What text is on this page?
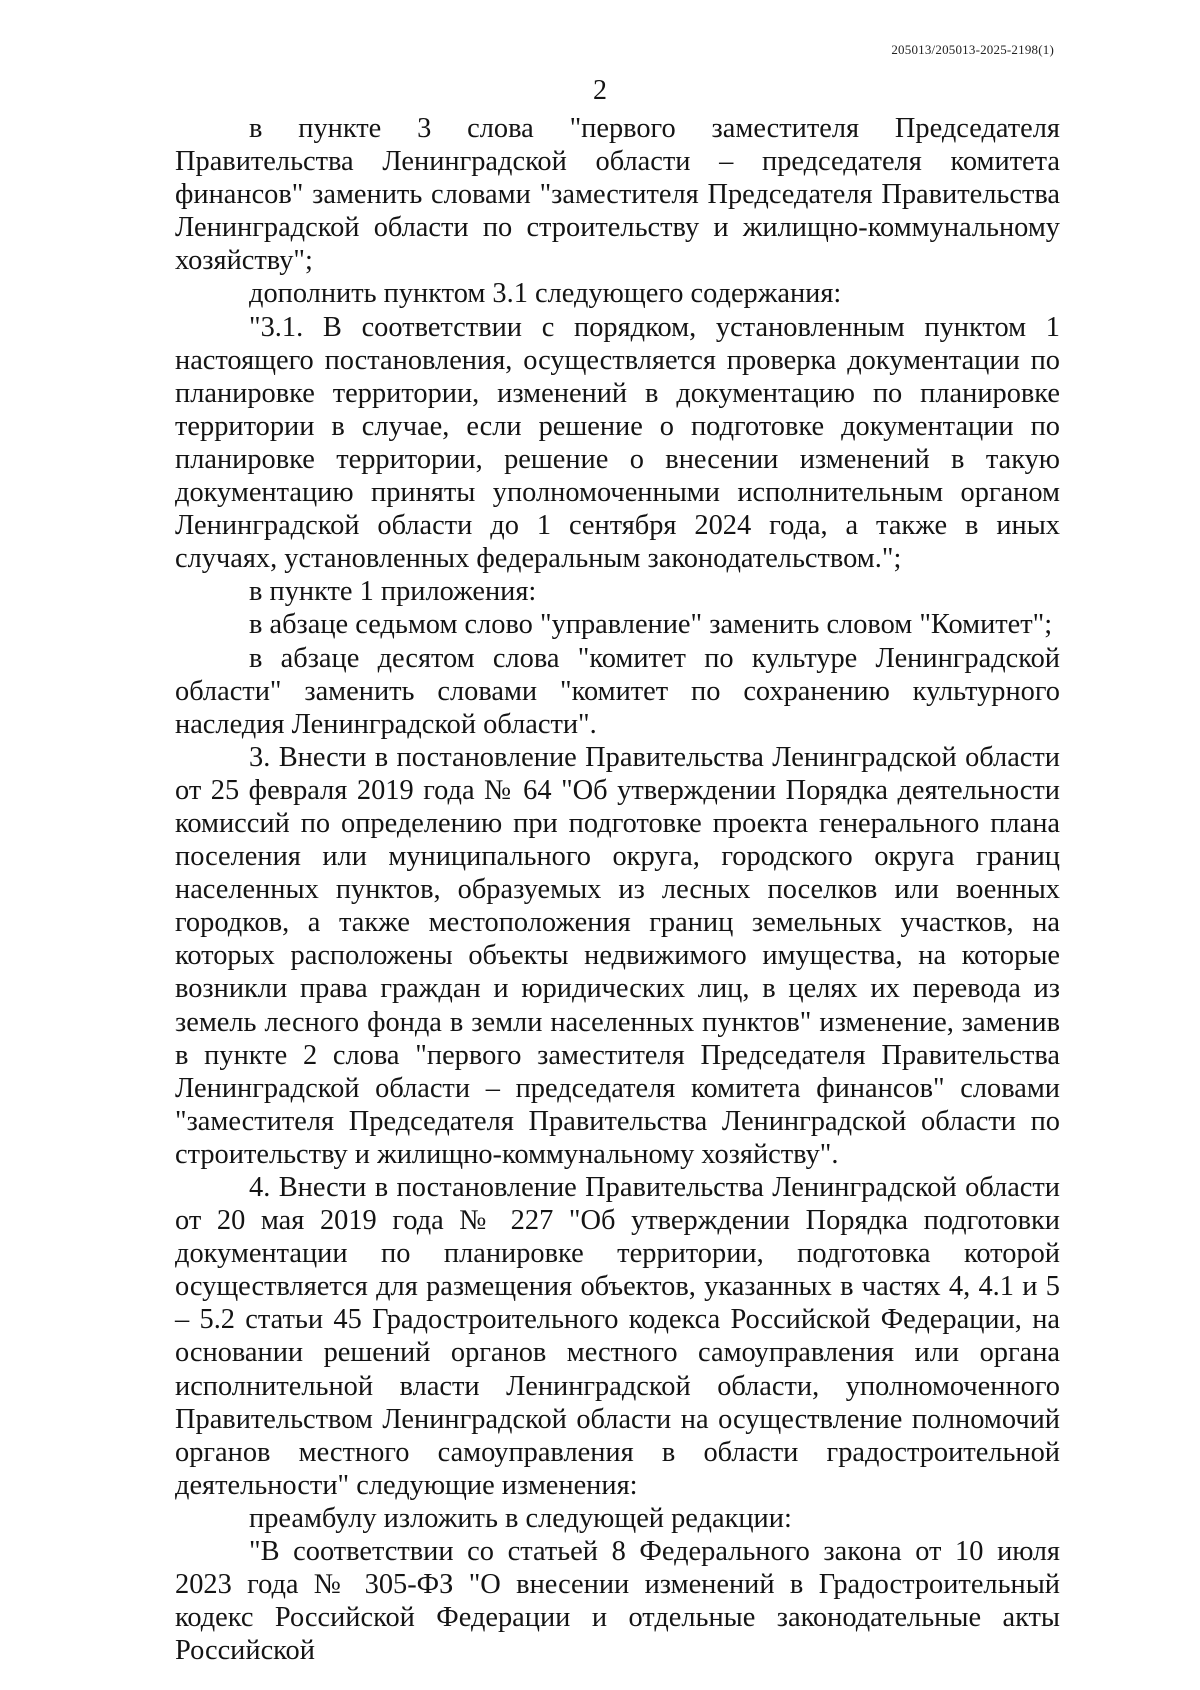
205013/205013-2025-2198(1)
2

в пункте 3 слова "первого заместителя Председателя Правительства Ленинградской области – председателя комитета финансов" заменить словами "заместителя Председателя Правительства Ленинградской области по строительству и жилищно-коммунальному хозяйству";

дополнить пунктом 3.1 следующего содержания:

"3.1. В соответствии с порядком, установленным пунктом 1 настоящего постановления, осуществляется проверка документации по планировке территории, изменений в документацию по планировке территории в случае, если решение о подготовке документации по планировке территории, решение о внесении изменений в такую документацию приняты уполномоченными исполнительным органом Ленинградской области до 1 сентября 2024 года, а также в иных случаях, установленных федеральным законодательством.";

в пункте 1 приложения:

в абзаце седьмом слово "управление" заменить словом "Комитет";

в абзаце десятом слова "комитет по культуре Ленинградской области" заменить словами "комитет по сохранению культурного наследия Ленинградской области".

3. Внести в постановление Правительства Ленинградской области от 25 февраля 2019 года № 64 "Об утверждении Порядка деятельности комиссий по определению при подготовке проекта генерального плана поселения или муниципального округа, городского округа границ населенных пунктов, образуемых из лесных поселков или военных городков, а также местоположения границ земельных участков, на которых расположены объекты недвижимого имущества, на которые возникли права граждан и юридических лиц, в целях их перевода из земель лесного фонда в земли населенных пунктов" изменение, заменив в пункте 2 слова "первого заместителя Председателя Правительства Ленинградской области – председателя комитета финансов" словами "заместителя Председателя Правительства Ленинградской области по строительству и жилищно-коммунальному хозяйству".

4. Внести в постановление Правительства Ленинградской области от 20 мая 2019 года № 227 "Об утверждении Порядка подготовки документации по планировке территории, подготовка которой осуществляется для размещения объектов, указанных в частях 4, 4.1 и 5 – 5.2 статьи 45 Градостроительного кодекса Российской Федерации, на основании решений органов местного самоуправления или органа исполнительной власти Ленинградской области, уполномоченного Правительством Ленинградской области на осуществление полномочий органов местного самоуправления в области градостроительной деятельности" следующие изменения:

преамбулу изложить в следующей редакции:

"В соответствии со статьей 8 Федерального закона от 10 июля 2023 года № 305-ФЗ "О внесении изменений в Градостроительный кодекс Российской Федерации и отдельные законодательные акты Российской
